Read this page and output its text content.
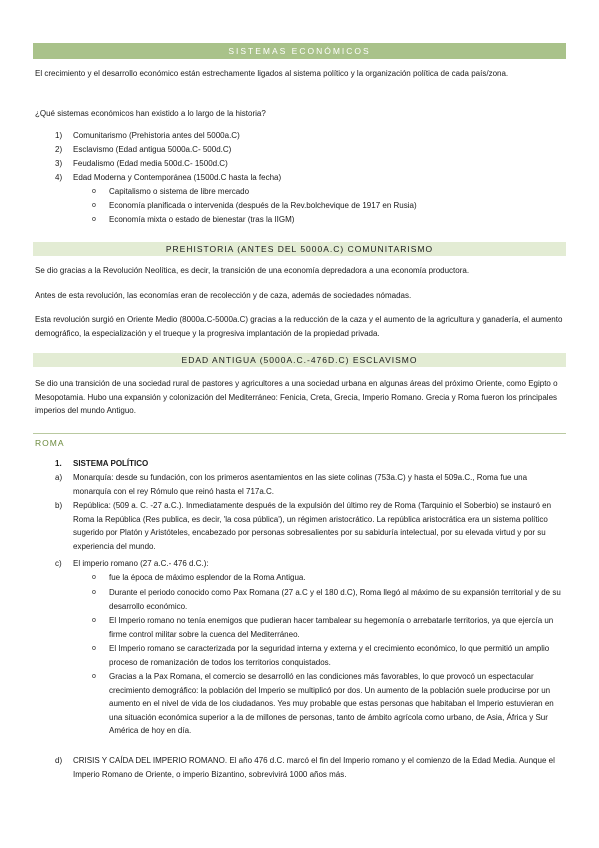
SISTEMAS ECONÓMICOS
El crecimiento y el desarrollo económico están estrechamente ligados al sistema político y la organización política de cada país/zona.
¿Qué sistemas económicos han existido a lo largo de la historia?
1) Comunitarismo (Prehistoria antes del 5000a.C)
2) Esclavismo (Edad antigua 5000a.C- 500d.C)
3) Feudalismo (Edad media 500d.C- 1500d.C)
4) Edad Moderna y Contemporánea (1500d.C hasta la fecha)
o Capitalismo o sistema de libre mercado
o Economía planificada o intervenida (después de la Rev.bolchevique de 1917 en Rusia)
o Economía mixta o estado de bienestar (tras la IIGM)
PREHISTORIA (ANTES DEL 5000A.C) COMUNITARISMO
Se dio gracias a la Revolución Neolítica, es decir, la transición de una economía depredadora a una economía productora.
Antes de esta revolución, las economías eran de recolección y de caza, además de sociedades nómadas.
Esta revolución surgió en Oriente Medio (8000a.C-5000a.C) gracias a la reducción de la caza y el aumento de la agricultura y ganadería, el aumento demográfico, la especialización y el trueque y la progresiva implantación de la propiedad privada.
EDAD ANTIGUA (5000A.C.-476D.C) ESCLAVISMO
Se dio una transición de una sociedad rural de pastores y agricultores a una sociedad urbana en algunas áreas del próximo Oriente, como Egipto o Mesopotamia. Hubo una expansión y colonización del Mediterráneo: Fenicia, Creta, Grecia, Imperio Romano. Grecia y Roma fueron los principales imperios del mundo Antiguo.
ROMA
1. SISTEMA POLÍTICO
a) Monarquía: desde su fundación, con los primeros asentamientos en las siete colinas (753a.C) y hasta el 509a.C., Roma fue una monarquía con el rey Rómulo que reinó hasta el 717a.C.
b) República: (509 a. C. -27 a.C.). Inmediatamente después de la expulsión del último rey de Roma (Tarquinio el Soberbio) se instauró en Roma la República (Res publica, es decir, 'la cosa pública'), un régimen aristocrático. La república aristocrática era un sistema político sugerido por Platón y Aristóteles, encabezado por personas sobresalientes por su sabiduría intelectual, por su elevada virtud y por su experiencia del mundo.
c) El imperio romano (27 a.C.- 476 d.C.):
o fue la época de máximo esplendor de la Roma Antigua.
o Durante el periodo conocido como Pax Romana (27 a.C y el 180 d.C), Roma llegó al máximo de su expansión territorial y de su desarrollo económico.
o El Imperio romano no tenía enemigos que pudieran hacer tambalear su hegemonía o arrebatarle territorios, ya que ejercía un firme control militar sobre la cuenca del Mediterráneo.
o El Imperio romano se caracterizada por la seguridad interna y externa y el crecimiento económico, lo que permitió un amplio proceso de romanización de todos los territorios conquistados.
o Gracias a la Pax Romana, el comercio se desarrolló en las condiciones más favorables, lo que provocó un espectacular crecimiento demográfico: la población del Imperio se multiplicó por dos. Un aumento de la población suele producirse por un aumento en el nivel de vida de los ciudadanos. Yes muy probable que estas personas que habitaban el Imperio estuvieran en una situación económica superior a la de millones de personas, tanto de ámbito agrícola como urbano, de Asia, África y Sur América de hoy en día.
d) CRISIS Y CAÍDA DEL IMPERIO ROMANO. El año 476 d.C. marcó el fin del Imperio romano y el comienzo de la Edad Media. Aunque el Imperio Romano de Oriente, o imperio Bizantino, sobrevivirá 1000 años más.
